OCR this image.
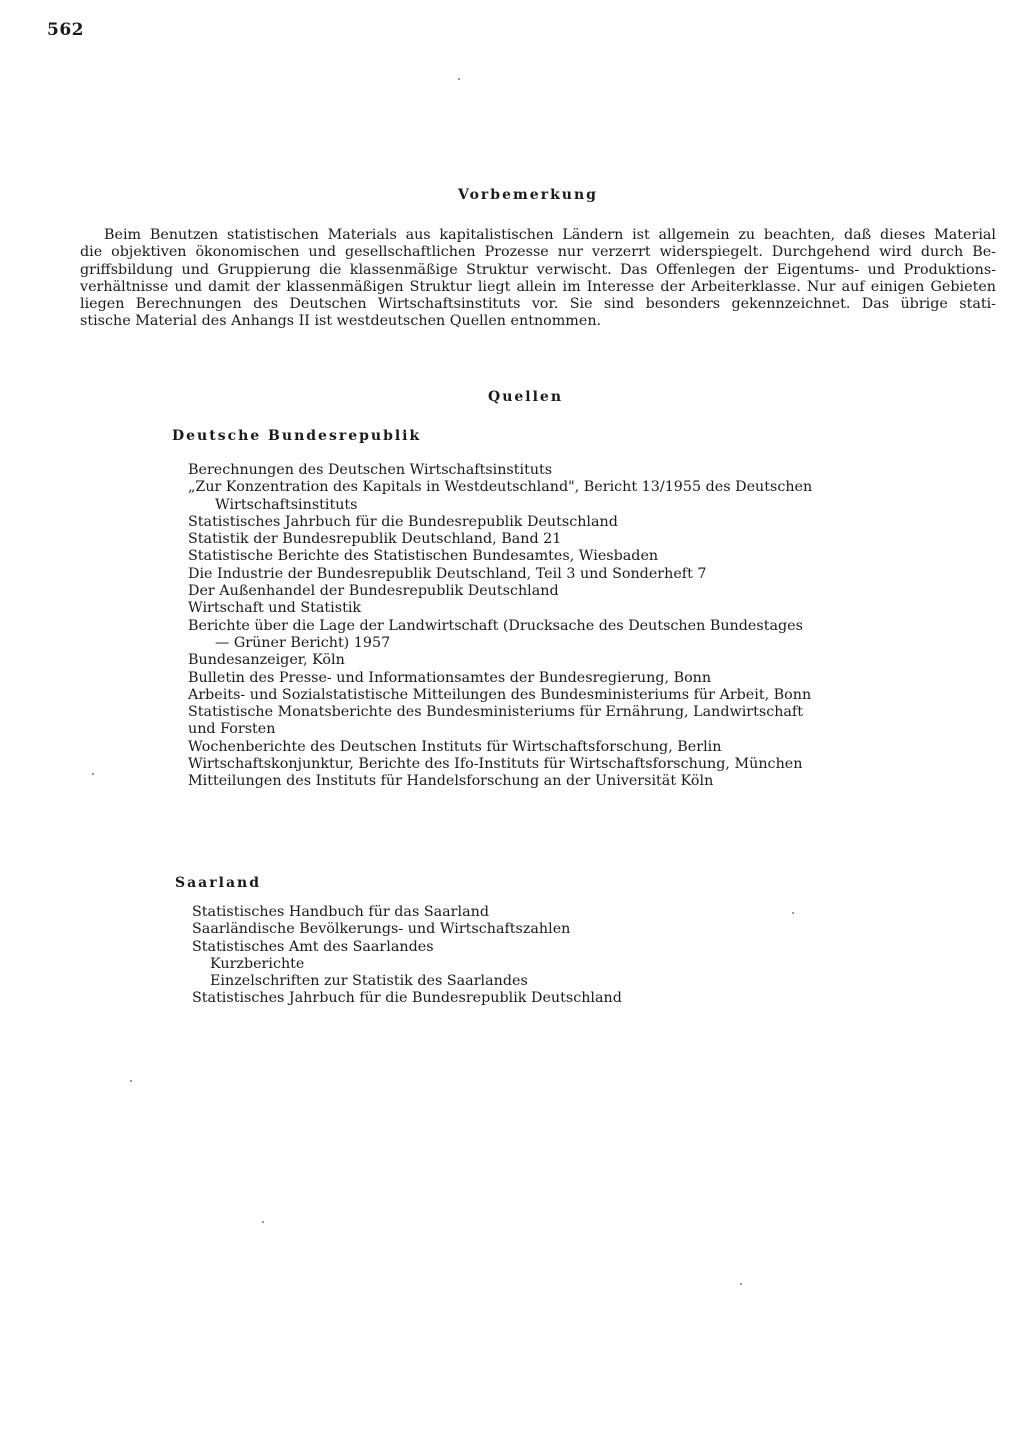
562
Vorbemerkung
Beim Benutzen statistischen Materials aus kapitalistischen Ländern ist allgemein zu beachten, daß dieses Material
die objektiven ökonomischen und gesellschaftlichen Prozesse nur verzerrt widerspiegelt. Durchgehend wird durch Be-
griffsbildung und Gruppierung die klassenmäßige Struktur verwischt. Das Offenlegen der Eigentums- und Produktions-
verhältnisse und damit der klassenmäßigen Struktur liegt allein im Interesse der Arbeiterklasse. Nur auf einigen Gebieten
liegen Berechnungen des Deutschen Wirtschaftsinstituts vor. Sie sind besonders gekennzeichnet. Das übrige stati-
stische Material des Anhangs II ist westdeutschen Quellen entnommen.
Quellen
Deutsche Bundesrepublik
Berechnungen des Deutschen Wirtschaftsinstituts
„Zur Konzentration des Kapitals in Westdeutschland", Bericht 13/1955 des Deutschen
Wirtschaftsinstituts
Statistisches Jahrbuch für die Bundesrepublik Deutschland
Statistik der Bundesrepublik Deutschland, Band 21
Statistische Berichte des Statistischen Bundesamtes, Wiesbaden
Die Industrie der Bundesrepublik Deutschland, Teil 3 und Sonderheft 7
Der Außenhandel der Bundesrepublik Deutschland
Wirtschaft und Statistik
Berichte über die Lage der Landwirtschaft (Drucksache des Deutschen Bundestages
— Grüner Bericht) 1957
Bundesanzeiger, Köln
Bulletin des Presse- und Informationsamtes der Bundesregierung, Bonn
Arbeits- und Sozialstatistische Mitteilungen des Bundesministeriums für Arbeit, Bonn
Statistische Monatsberichte des Bundesministeriums für Ernährung, Landwirtschaft
und Forsten
Wochenberichte des Deutschen Instituts für Wirtschaftsforschung, Berlin
Wirtschaftskonjunktur, Berichte des Ifo-Instituts für Wirtschaftsforschung, München
Mitteilungen des Instituts für Handelsforschung an der Universität Köln
Saarland
Statistisches Handbuch für das Saarland
Saarländische Bevölkerungs- und Wirtschaftszahlen
Statistisches Amt des Saarlandes
Kurzberichte
Einzelschriften zur Statistik des Saarlandes
Statistisches Jahrbuch für die Bundesrepublik Deutschland
